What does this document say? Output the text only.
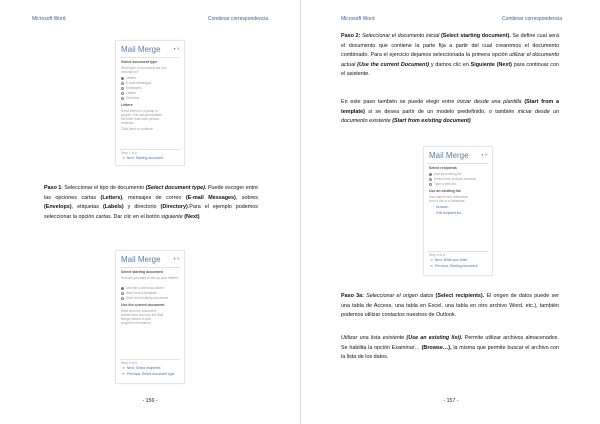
Microsoft Word	Combinar correspondencia
Mail Merge	▾ ✕
Select document type
What type of document are you working on?
Letters
E-mail messages
Envelopes
Labels
Directory
Letters
Send letters to a group of
people. You can personalize
the letter that each person
receives.
Click Next to continue.
Step 1 of 6
➜ Next: Starting document
Paso 1: Seleccionar el tipo de documento (Select document type). Puede escoger entre las opciones cartas (Letters), mensajes de correo (E-mail Messages), sobres (Envelops), etiquetas (Labels) y directorio (Directory).Para el ejemplo podemos seleccionar la opción cartas. Dar clic en el botón siguiente (Next)
Mail Merge	▾ ✕
Select starting document
How do you want to set up your letters?
Use the current document
Start from a template
Start from existing document
Use the current document
Start from the document
shown here and use the Mail
Merge wizard to add
recipient information.
Step 2 of 6
➜ Next: Select recipients
⬅ Previous: Select document type
- 156 -
Microsoft Word	Combinar correspondencia
Paso 2: Seleccionar el documento inicial (Select starting document). Se define cual será el documento que contiene la parte fija a partir del cual crearemos el documento combinado. Para el ejercicio dejamos seleccionada la primera opción utilizar el documento actual (Use the current Document) y damos clic en Siguiente (Next) para continuar con el asistente.
En este paso también se puede elegir entre iniciar desde una plantilla (Start from a template) si se desea partir de un modelo predefinido, o también iniciar desde un documento existente (Start from existing document)
Mail Merge	▾ ✕
Select recipients
Use an existing list
Select from Outlook contacts
Type a new list
Use an existing list
Use names and addresses
from a file or a database.
▫ Browse...
▫ Edit recipient list...
Step 3 of 6
➜ Next: Write your letter
⬅ Previous: Starting document
Paso 3a: Seleccionar el origen datos (Select recipients). El origen de datos puede ser una tabla de Access, una tabla en Excel, una tabla en otro archivo Word, etc.), también podemos utilizar contactos nuestros de Outlook.
Utilizar una lista existente (Use an existing list). Permite utilizar archivos almacenados. Se habilita la opción Examinar… (Browse…), la misma que permite buscar el archivo con la lista de los datos.
- 157 -
